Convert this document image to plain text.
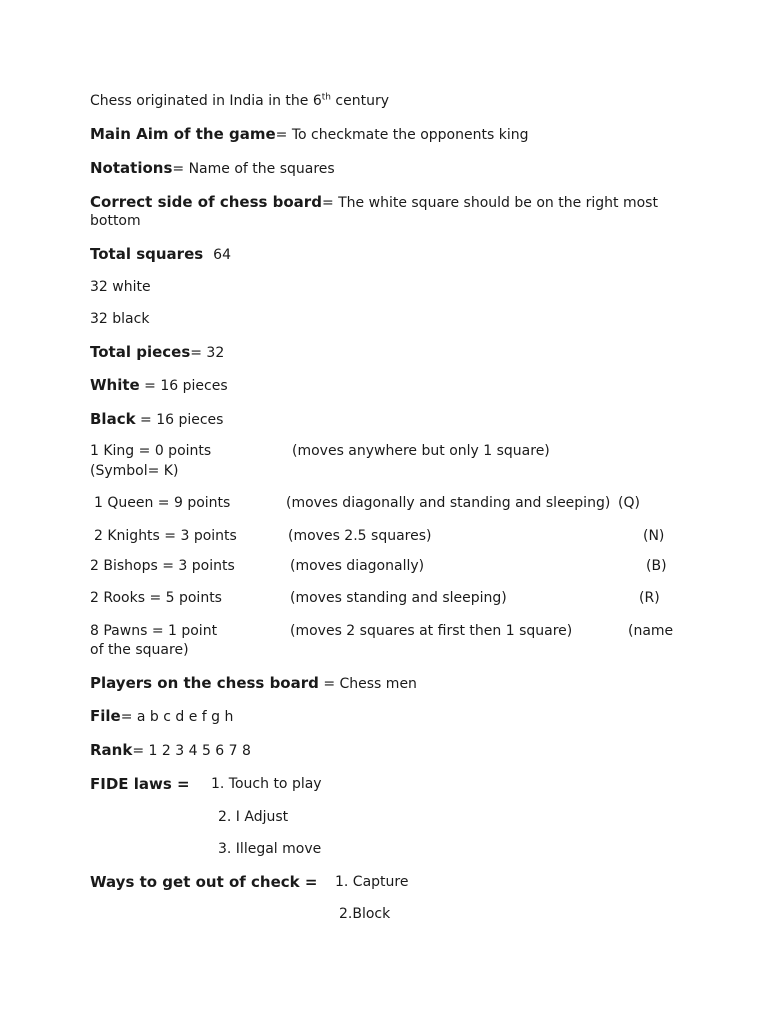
Chess originated in India in the 6th century
Main Aim of the game= To checkmate the opponents king
Notations= Name of the squares
Correct side of chess board= The white square should be on the right most
bottom
Total squares 64
32 white
32 black
Total pieces= 32
White = 16 pieces
Black = 16 pieces
1 King = 0 points	(moves anywhere but only 1 square)
(Symbol= K)
1 Queen = 9 points	(moves diagonally and standing and sleeping) (Q)
2 Knights = 3 points	(moves 2.5 squares)	(N)
2 Bishops = 3 points	(moves diagonally)	(B)
2 Rooks = 5 points	(moves standing and sleeping)	(R)
8 Pawns = 1 point	(moves 2 squares at first then 1 square)	(name
of the square)
Players on the chess board = Chess men
File= a b c d e f g h
Rank= 1 2 3 4 5 6 7 8
FIDE laws = 1. Touch to play
2. I Adjust
3. Illegal move
Ways to get out of check = 1. Capture
2.Block
